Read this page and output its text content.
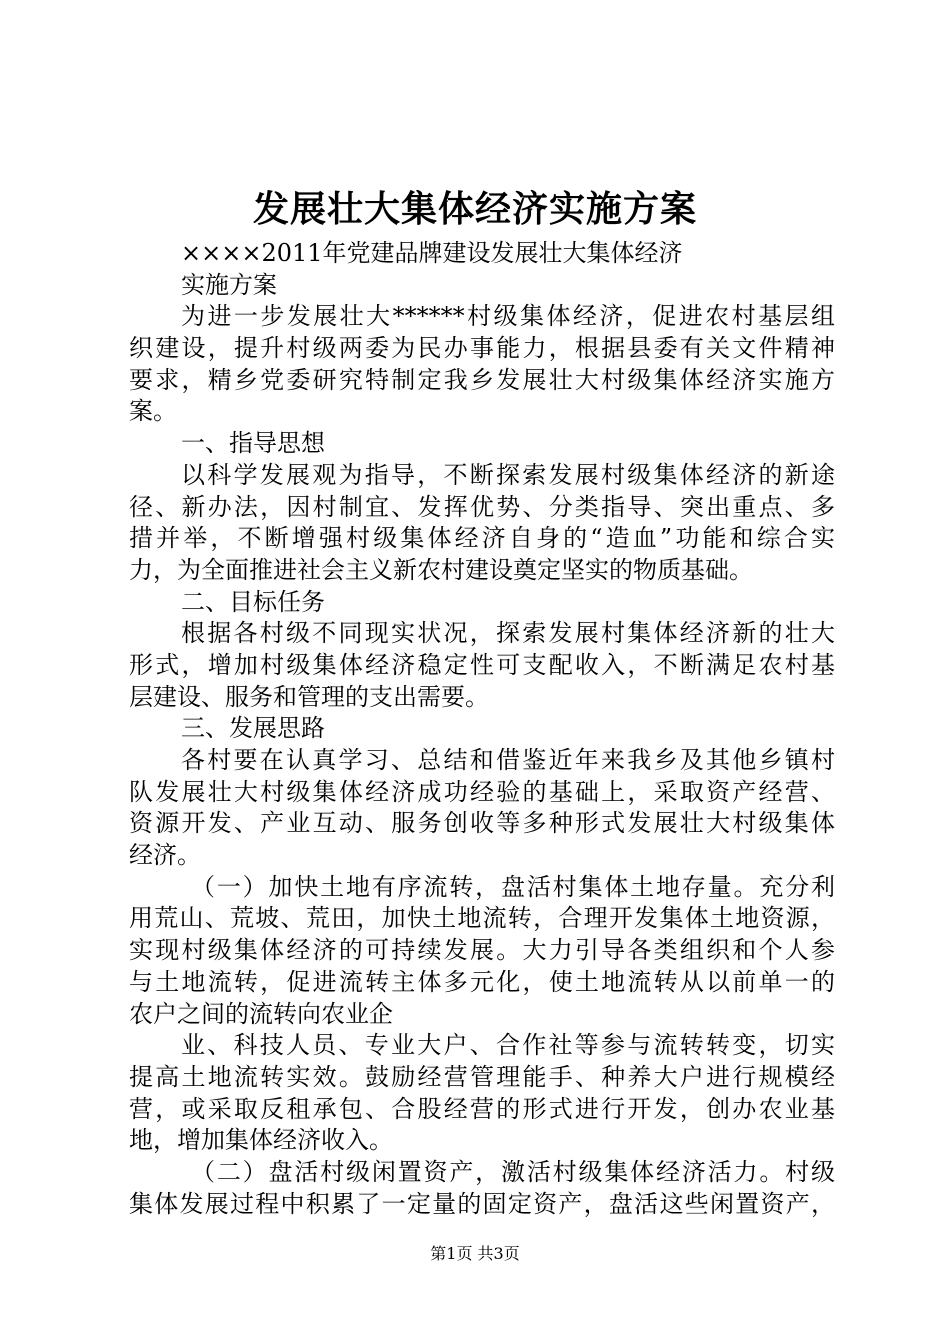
发展壮大集体经济实施方案
××××2011年党建品牌建设发展壮大集体经济
实施方案
为进一步发展壮大******村级集体经济，促进农村基层组
织建设，提升村级两委为民办事能力，根据县委有关文件精神
要求，精乡党委研究特制定我乡发展壮大村级集体经济实施方
案。
一、指导思想
以科学发展观为指导，不断探索发展村级集体经济的新途
径、新办法，因村制宜、发挥优势、分类指导、突出重点、多
措并举，不断增强村级集体经济自身的“造血”功能和综合实
力，为全面推进社会主义新农村建设奠定坚实的物质基础。
二、目标任务
根据各村级不同现实状况，探索发展村集体经济新的壮大
形式，增加村级集体经济稳定性可支配收入，不断满足农村基
层建设、服务和管理的支出需要。
三、发展思路
各村要在认真学习、总结和借鉴近年来我乡及其他乡镇村
队发展壮大村级集体经济成功经验的基础上，采取资产经营、
资源开发、产业互动、服务创收等多种形式发展壮大村级集体
经济。
（一）加快土地有序流转，盘活村集体土地存量。充分利
用荒山、荒坡、荒田，加快土地流转，合理开发集体土地资源，
实现村级集体经济的可持续发展。大力引导各类组织和个人参
与土地流转，促进流转主体多元化，使土地流转从以前单一的
农户之间的流转向农业企
业、科技人员、专业大户、合作社等参与流转转变，切实
提高土地流转实效。鼓励经营管理能手、种养大户进行规模经
营，或采取反租承包、合股经营的形式进行开发，创办农业基
地，增加集体经济收入。
（二）盘活村级闲置资产，激活村级集体经济活力。村级
集体发展过程中积累了一定量的固定资产，盘活这些闲置资产，
第1页 共3页
